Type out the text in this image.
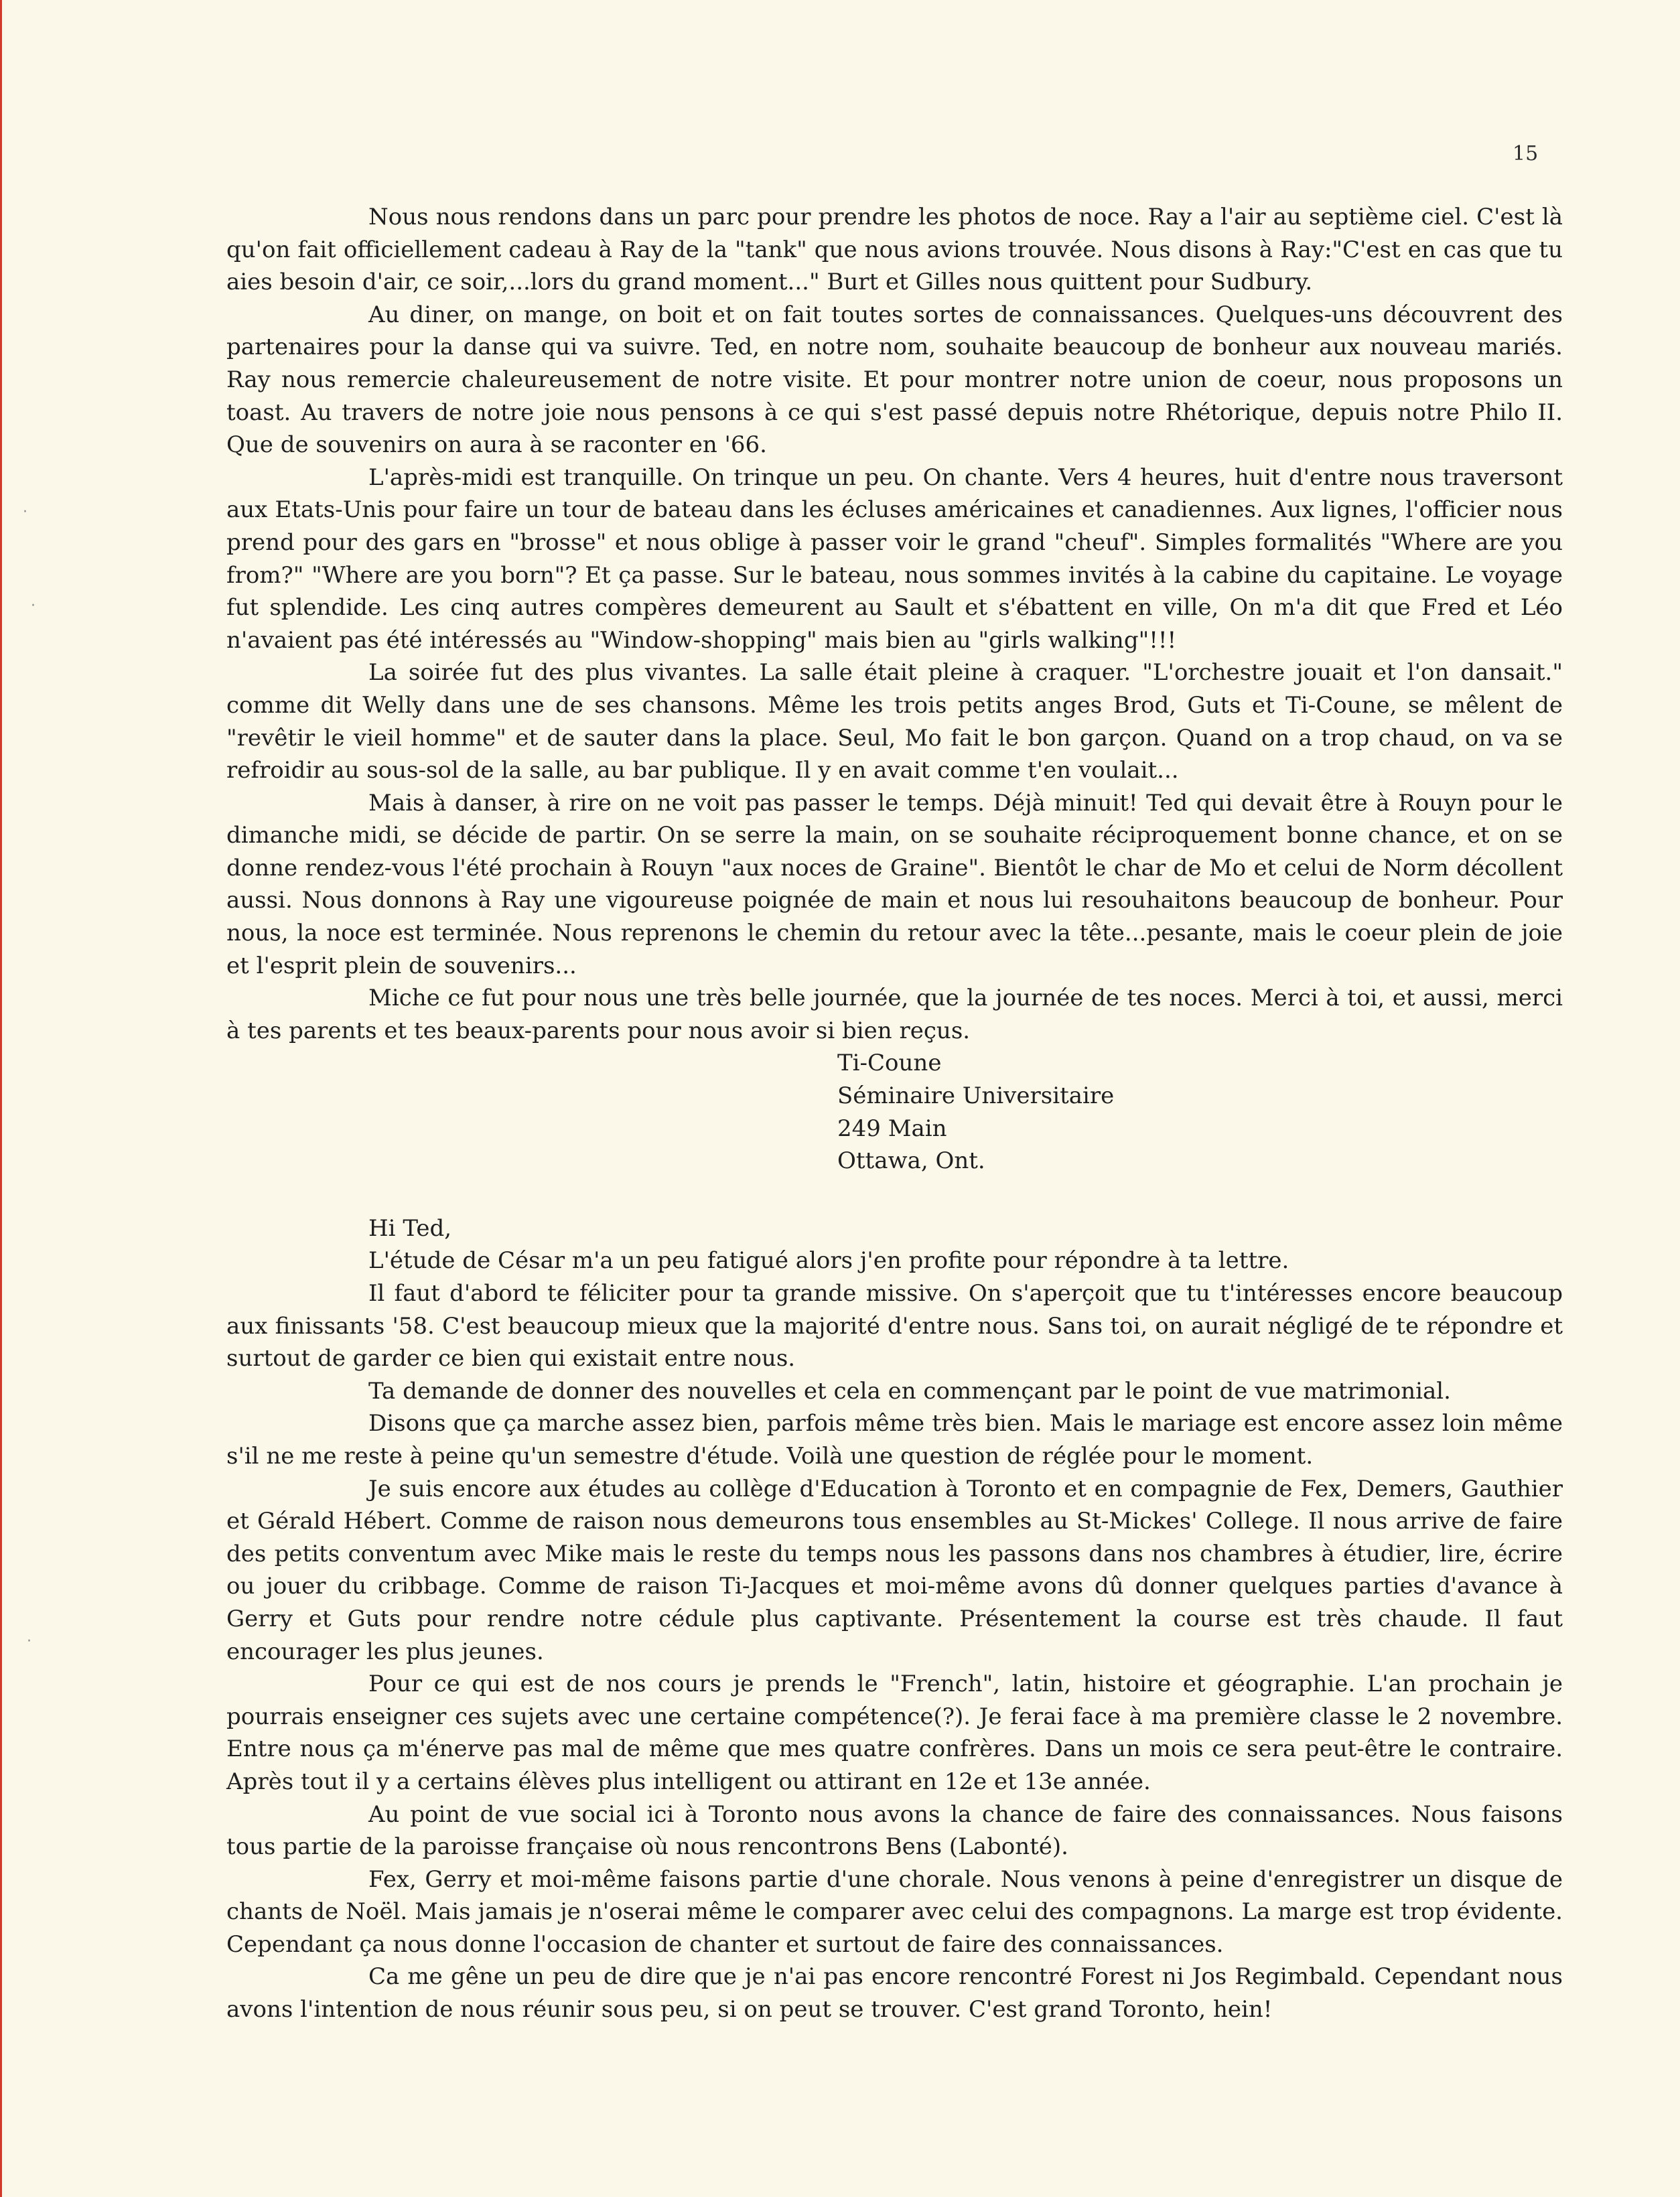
15

Nous nous rendons dans un parc pour prendre les photos de noce. Ray a l'air au septième ciel. C'est là qu'on fait officiellement cadeau à Ray de la "tank" que nous avions trouvée. Nous disons à Ray:"C'est en cas que tu aies besoin d'air, ce soir,...lors du grand moment..." Burt et Gilles nous quittent pour Sudbury.

Au diner, on mange, on boit et on fait toutes sortes de connaissances. Quelques-uns découvrent des partenaires pour la danse qui va suivre. Ted, en notre nom, souhaite beaucoup de bonheur aux nouveau mariés. Ray nous remercie chaleureusement de notre visite. Et pour montrer notre union de coeur, nous proposons un toast. Au travers de notre joie nous pensons à ce qui s'est passé depuis notre Rhétorique, depuis notre Philo II. Que de souvenirs on aura à se raconter en '66.

L'après-midi est tranquille. On trinque un peu. On chante. Vers 4 heures, huit d'entre nous traversont aux Etats-Unis pour faire un tour de bateau dans les écluses américaines et canadiennes. Aux lignes, l'officier nous prend pour des gars en "brosse" et nous oblige à passer voir le grand "cheuf". Simples formalités "Where are you from?" "Where are you born"? Et ça passe. Sur le bateau, nous sommes invités à la cabine du capitaine. Le voyage fut splendide. Les cinq autres compères demeurent au Sault et s'ébattent en ville, On m'a dit que Fred et Léo n'avaient pas été intéressés au "Window-shopping" mais bien au "girls walking"!!!

La soirée fut des plus vivantes. La salle était pleine à craquer. "L'orchestre jouait et l'on dansait." comme dit Welly dans une de ses chansons. Même les trois petits anges Brod, Guts et Ti-Coune, se mêlent de "revêtir le vieil homme" et de sauter dans la place. Seul, Mo fait le bon garçon. Quand on a trop chaud, on va se refroidir au sous-sol de la salle, au bar publique. Il y en avait comme t'en voulait...

Mais à danser, à rire on ne voit pas passer le temps. Déjà minuit! Ted qui devait être à Rouyn pour le dimanche midi, se décide de partir. On se serre la main, on se souhaite réciproquement bonne chance, et on se donne rendez-vous l'été prochain à Rouyn "aux noces de Graine". Bientôt le char de Mo et celui de Norm décollent aussi. Nous donnons à Ray une vigoureuse poignée de main et nous lui resouhaitons beaucoup de bonheur. Pour nous, la noce est terminée. Nous reprenons le chemin du retour avec la tête...pesante, mais le coeur plein de joie et l'esprit plein de souvenirs...

Miche ce fut pour nous une très belle journée, que la journée de tes noces. Merci à toi, et aussi, merci à tes parents et tes beaux-parents pour nous avoir si bien reçus.

Ti-Coune
Séminaire Universitaire
249 Main
Ottawa, Ont.

Hi Ted,

L'étude de César m'a un peu fatigué alors j'en profite pour répondre à ta lettre.

Il faut d'abord te féliciter pour ta grande missive. On s'aperçoit que tu t'intéresses encore beaucoup aux finissants '58. C'est beaucoup mieux que la majorité d'entre nous. Sans toi, on aurait négligé de te répondre et surtout de garder ce bien qui existait entre nous.

Ta demande de donner des nouvelles et cela en commençant par le point de vue matrimonial.

Disons que ça marche assez bien, parfois même très bien. Mais le mariage est encore assez loin même s'il ne me reste à peine qu'un semestre d'étude. Voilà une question de réglée pour le moment.

Je suis encore aux études au collège d'Education à Toronto et en compagnie de Fex, Demers, Gauthier et Gérald Hébert. Comme de raison nous demeurons tous ensembles au St-Mickes' College. Il nous arrive de faire des petits conventum avec Mike mais le reste du temps nous les passons dans nos chambres à étudier, lire, écrire ou jouer du cribbage. Comme de raison Ti-Jacques et moi-même avons dû donner quelques parties d'avance à Gerry et Guts pour rendre notre cédule plus captivante. Présentement la course est très chaude. Il faut encourager les plus jeunes.

Pour ce qui est de nos cours je prends le "French", latin, histoire et géographie. L'an prochain je pourrais enseigner ces sujets avec une certaine compétence(?). Je ferai face à ma première classe le 2 novembre. Entre nous ça m'énerve pas mal de même que mes quatre confrères. Dans un mois ce sera peut-être le contraire. Après tout il y a certains élèves plus intelligent ou attirant en 12e et 13e année.

Au point de vue social ici à Toronto nous avons la chance de faire des connaissances. Nous faisons tous partie de la paroisse française où nous rencontrons Bens (Labonté).

Fex, Gerry et moi-même faisons partie d'une chorale. Nous venons à peine d'enregistrer un disque de chants de Noël. Mais jamais je n'oserai même le comparer avec celui des compagnons. La marge est trop évidente. Cependant ça nous donne l'occasion de chanter et surtout de faire des connaissances.

Ca me gêne un peu de dire que je n'ai pas encore rencontré Forest ni Jos Regimbald. Cependant nous avons l'intention de nous réunir sous peu, si on peut se trouver. C'est grand Toronto, hein!

·
·
·
